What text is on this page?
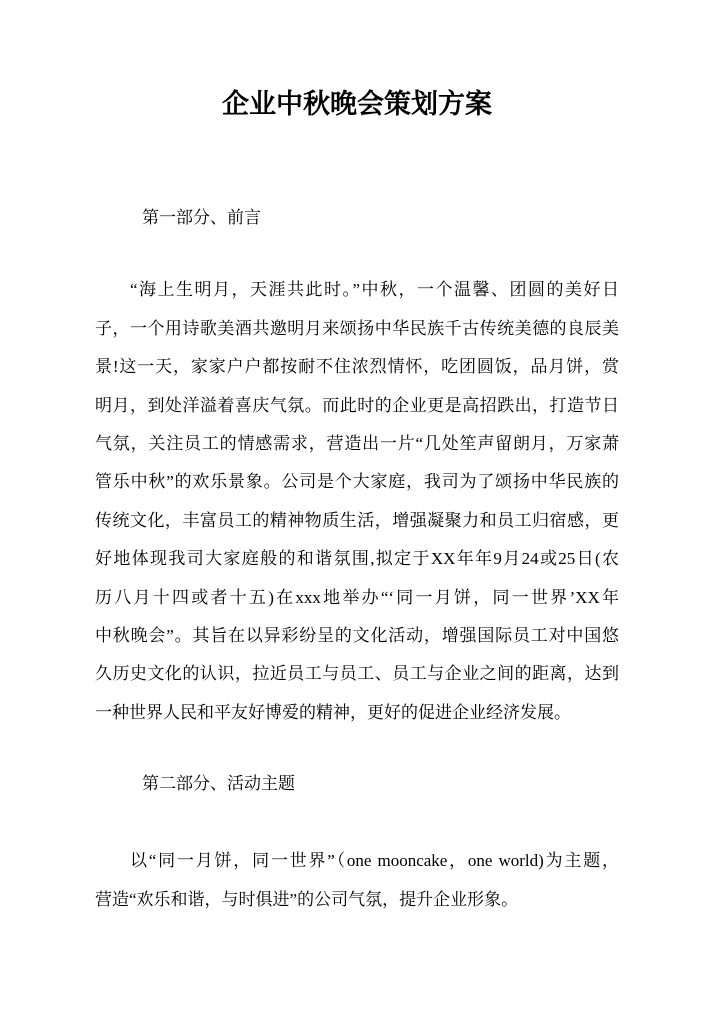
企业中秋晚会策划方案
第一部分、前言
“海上生明月，天涯共此时。”中秋，一个温馨、团圆的美好日
子，一个用诗歌美酒共邀明月来颂扬中华民族千古传统美德的良辰美
景!这一天，家家户户都按耐不住浓烈情怀，吃团圆饭，品月饼，赏
明月，到处洋溢着喜庆气氛。而此时的企业更是高招跌出，打造节日
气氛，关注员工的情感需求，营造出一片“几处笙声留朗月，万家萧
管乐中秋”的欢乐景象。公司是个大家庭，我司为了颂扬中华民族的
传统文化，丰富员工的精神物质生活，增强凝聚力和员工归宿感，更
好地体现我司大家庭般的和谐氛围,拟定于XX年年9月24或25日(农
历八月十四或者十五)在xxx地举办“‘同一月饼，同一世界’XX年
中秋晚会”。其旨在以异彩纷呈的文化活动，增强国际员工对中国悠
久历史文化的认识，拉近员工与员工、员工与企业之间的距离，达到
一种世界人民和平友好博爱的精神，更好的促进企业经济发展。
第二部分、活动主题
以“同一月饼，同一世界”（one mooncake，one world)为主题，
营造“欢乐和谐，与时俱进”的公司气氛，提升企业形象。
